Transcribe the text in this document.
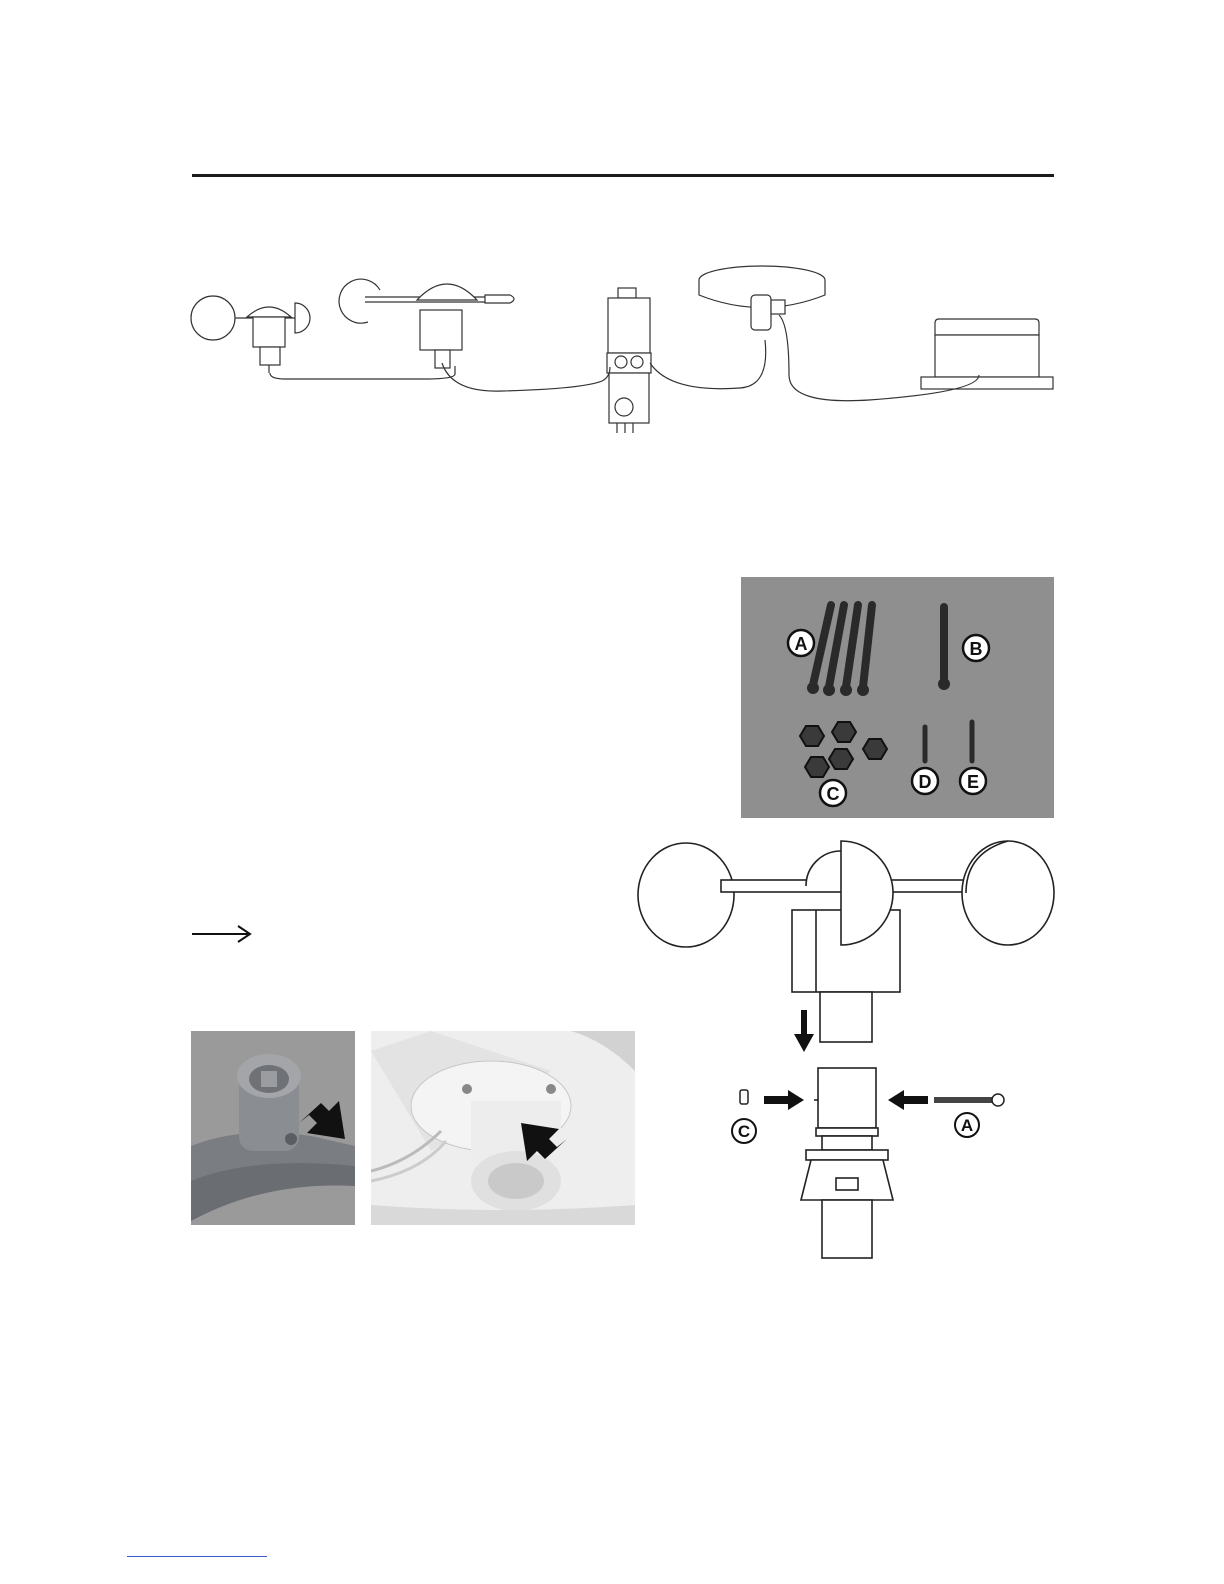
A	B
C
D E
C	A
